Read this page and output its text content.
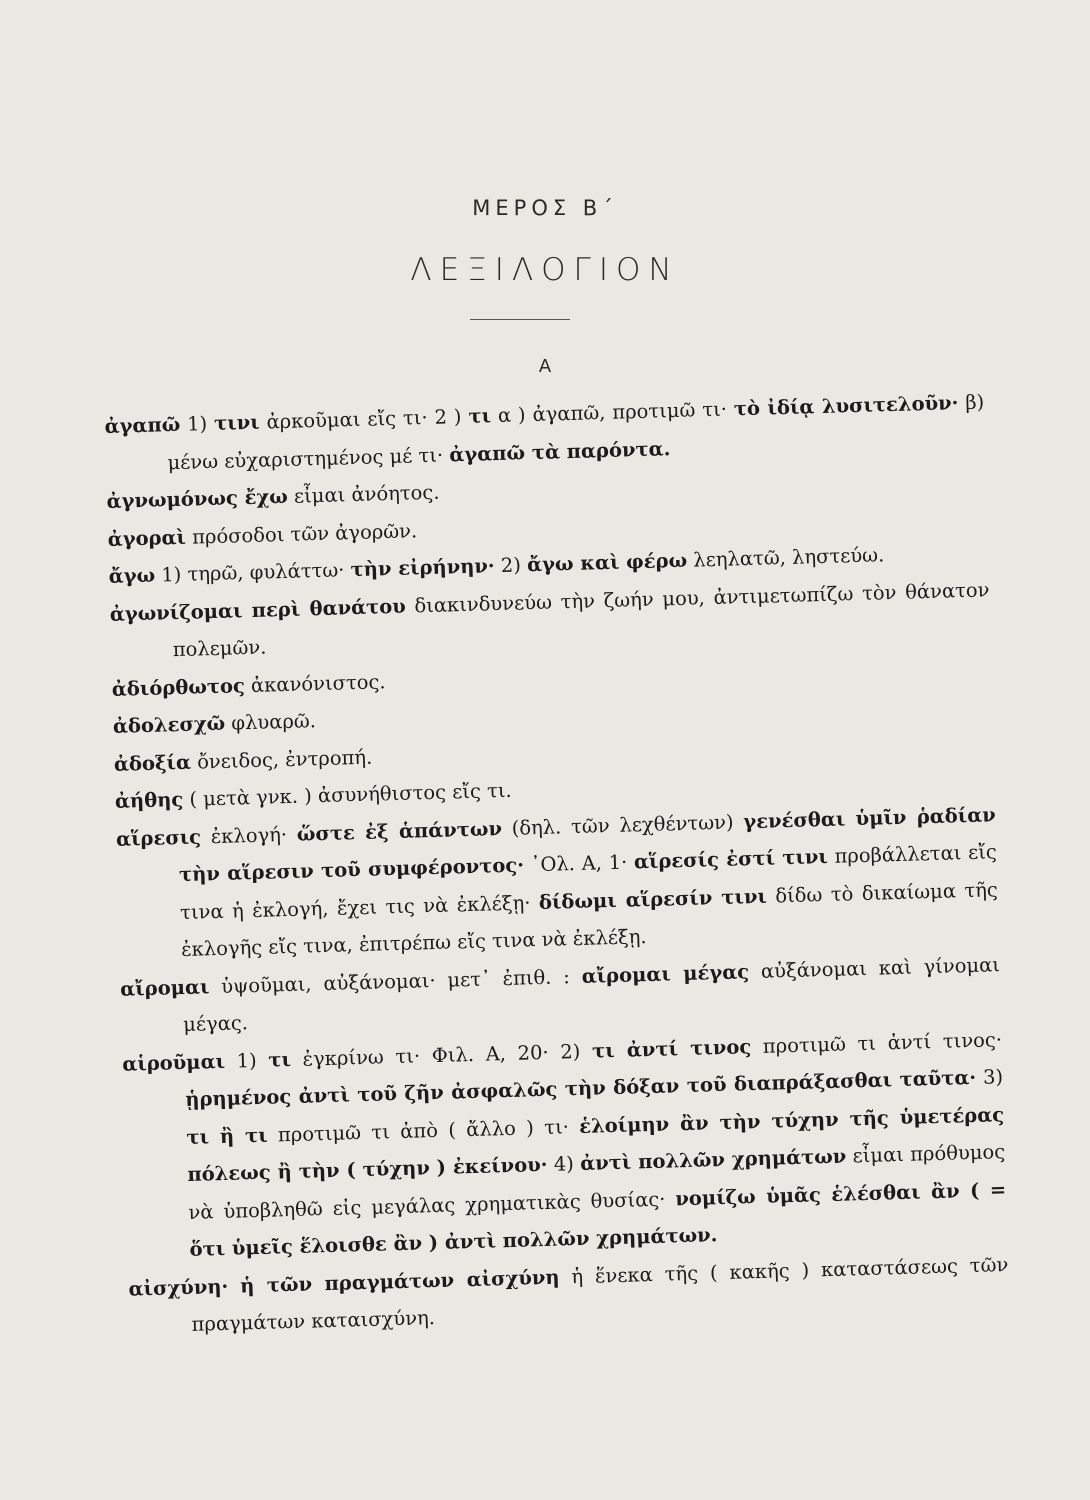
ΜΕΡΟΣ Β΄
ΛΕΞΙΛΟΓΙΟΝ
Α
ἀγαπῶ 1) τινι ἀρκοῦμαι εἴς τι· 2 ) τι α ) ἀγαπῶ, προτιμῶ τι· τὸ ἰδίᾳ λυσιτελοῦν· β) μένω εὐχαριστημένος μέ τι· ἀγαπῶ τὰ παρόντα.
ἀγνωμόνως ἔχω εἶμαι ἀνόητος.
ἀγοραὶ πρόσοδοι τῶν ἀγορῶν.
ἄγω 1) τηρῶ, φυλάττω· τὴν εἰρήνην· 2) ἄγω καὶ φέρω λεηλατῶ, ληστεύω.
ἀγωνίζομαι περὶ θανάτου διακινδυνεύω τὴν ζωήν μου, ἀντιμετωπίζω τὸν θάνατον πολεμῶν.
ἀδιόρθωτος ἀκανόνιστος.
ἀδολεσχῶ φλυαρῶ.
ἀδοξία ὄνειδος, ἐντροπή.
ἀήθης ( μετὰ γνκ. ) ἀσυνήθιστος εἴς τι.
αἵρεσις ἐκλογή· ὥστε ἐξ ἁπάντων (δηλ. τῶν λεχθέντων) γενέσθαι ὑμῖν ῥαδίαν τὴν αἵρεσιν τοῦ συμφέροντος· ᾽Ολ. Α, 1· αἵρεσίς ἐστί τινι προβάλλεται εἴς τινα ἡ ἐκλογή, ἔχει τις νὰ ἐκλέξῃ· δίδωμι αἵρεσίν τινι δίδω τὸ δικαίωμα τῆς ἐκλογῆς εἴς τινα, ἐπιτρέπω εἴς τινα νὰ ἐκλέξῃ.
αἴρομαι ὑψοῦμαι, αὐξάνομαι· μετ᾽ ἐπιθ. : αἴρομαι μέγας αὐξάνομαι καὶ γίνομαι μέγας.
αἱροῦμαι 1) τι ἐγκρίνω τι· Φιλ. Α, 20· 2) τι ἀντί τινος προτιμῶ τι ἀντί τινος· ᾑρημένος ἀντὶ τοῦ ζῆν ἀσφαλῶς τὴν δόξαν τοῦ διαπράξασθαι ταῦτα· 3) τι ἢ τι προτιμῶ τι ἀπὸ ( ἄλλο ) τι· ἑλοίμην ἂν τὴν τύχην τῆς ὑμετέρας πόλεως ἢ τὴν ( τύχην ) ἐκείνου· 4) ἀντὶ πολλῶν χρημάτων εἶμαι πρόθυμος νὰ ὑποβληθῶ εἰς μεγάλας χρηματικὰς θυσίας· νομίζω ὑμᾶς ἑλέσθαι ἂν ( = ὅτι ὑμεῖς ἕλοισθε ἂν ) ἀντὶ πολλῶν χρημάτων.
αἰσχύνη· ἡ τῶν πραγμάτων αἰσχύνη ἡ ἕνεκα τῆς ( κακῆς ) καταστάσεως τῶν πραγμάτων καταισχύνη.
